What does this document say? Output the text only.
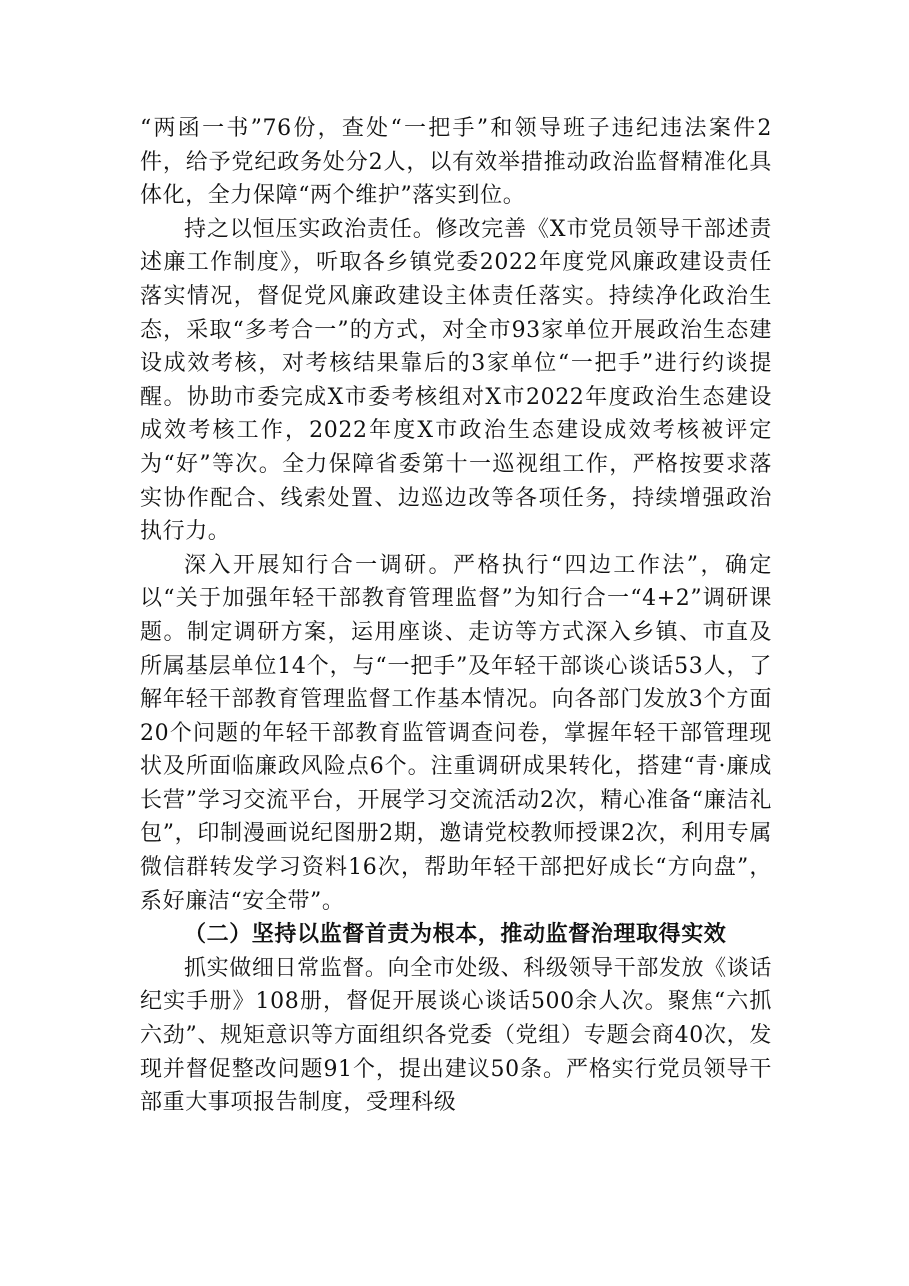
“两函一书”76份，查处“一把手”和领导班子违纪违法案件2件，给予党纪政务处分2人，以有效举措推动政治监督精准化具体化，全力保障“两个维护”落实到位。

持之以恒压实政治责任。修改完善《X市党员领导干部述责述廉工作制度》，听取各乡镇党委2022年度党风廉政建设责任落实情况，督促党风廉政建设主体责任落实。持续净化政治生态，采取“多考合一”的方式，对全市93家单位开展政治生态建设成效考核，对考核结果靠后的3家单位“一把手”进行约谈提醒。协助市委完成X市委考核组对X市2022年度政治生态建设成效考核工作，2022年度X市政治生态建设成效考核被评定为“好”等次。全力保障省委第十一巡视组工作，严格按要求落实协作配合、线索处置、边巡边改等各项任务，持续增强政治执行力。

深入开展知行合一调研。严格执行“四边工作法”，确定以“关于加强年轻干部教育管理监督”为知行合一“4+2”调研课题。制定调研方案，运用座谈、走访等方式深入乡镇、市直及所属基层单位14个，与“一把手”及年轻干部谈心谈话53人，了解年轻干部教育管理监督工作基本情况。向各部门发放3个方面20个问题的年轻干部教育监管调查问卷，掌握年轻干部管理现状及所面临廉政风险点6个。注重调研成果转化，搭建“青·廉成长营”学习交流平台，开展学习交流活动2次，精心准备“廉洁礼包”，印制漫画说纪图册2期，邀请党校教师授课2次，利用专属微信群转发学习资料16次，帮助年轻干部把好成长“方向盘”，系好廉洁“安全带”。

（二）坚持以监督首责为根本，推动监督治理取得实效

抓实做细日常监督。向全市处级、科级领导干部发放《谈话纪实手册》108册，督促开展谈心谈话500余人次。聚焦“六抓六劲”、规矩意识等方面组织各党委（党组）专题会商40次，发现并督促整改问题91个，提出建议50条。严格实行党员领导干部重大事项报告制度，受理科级
